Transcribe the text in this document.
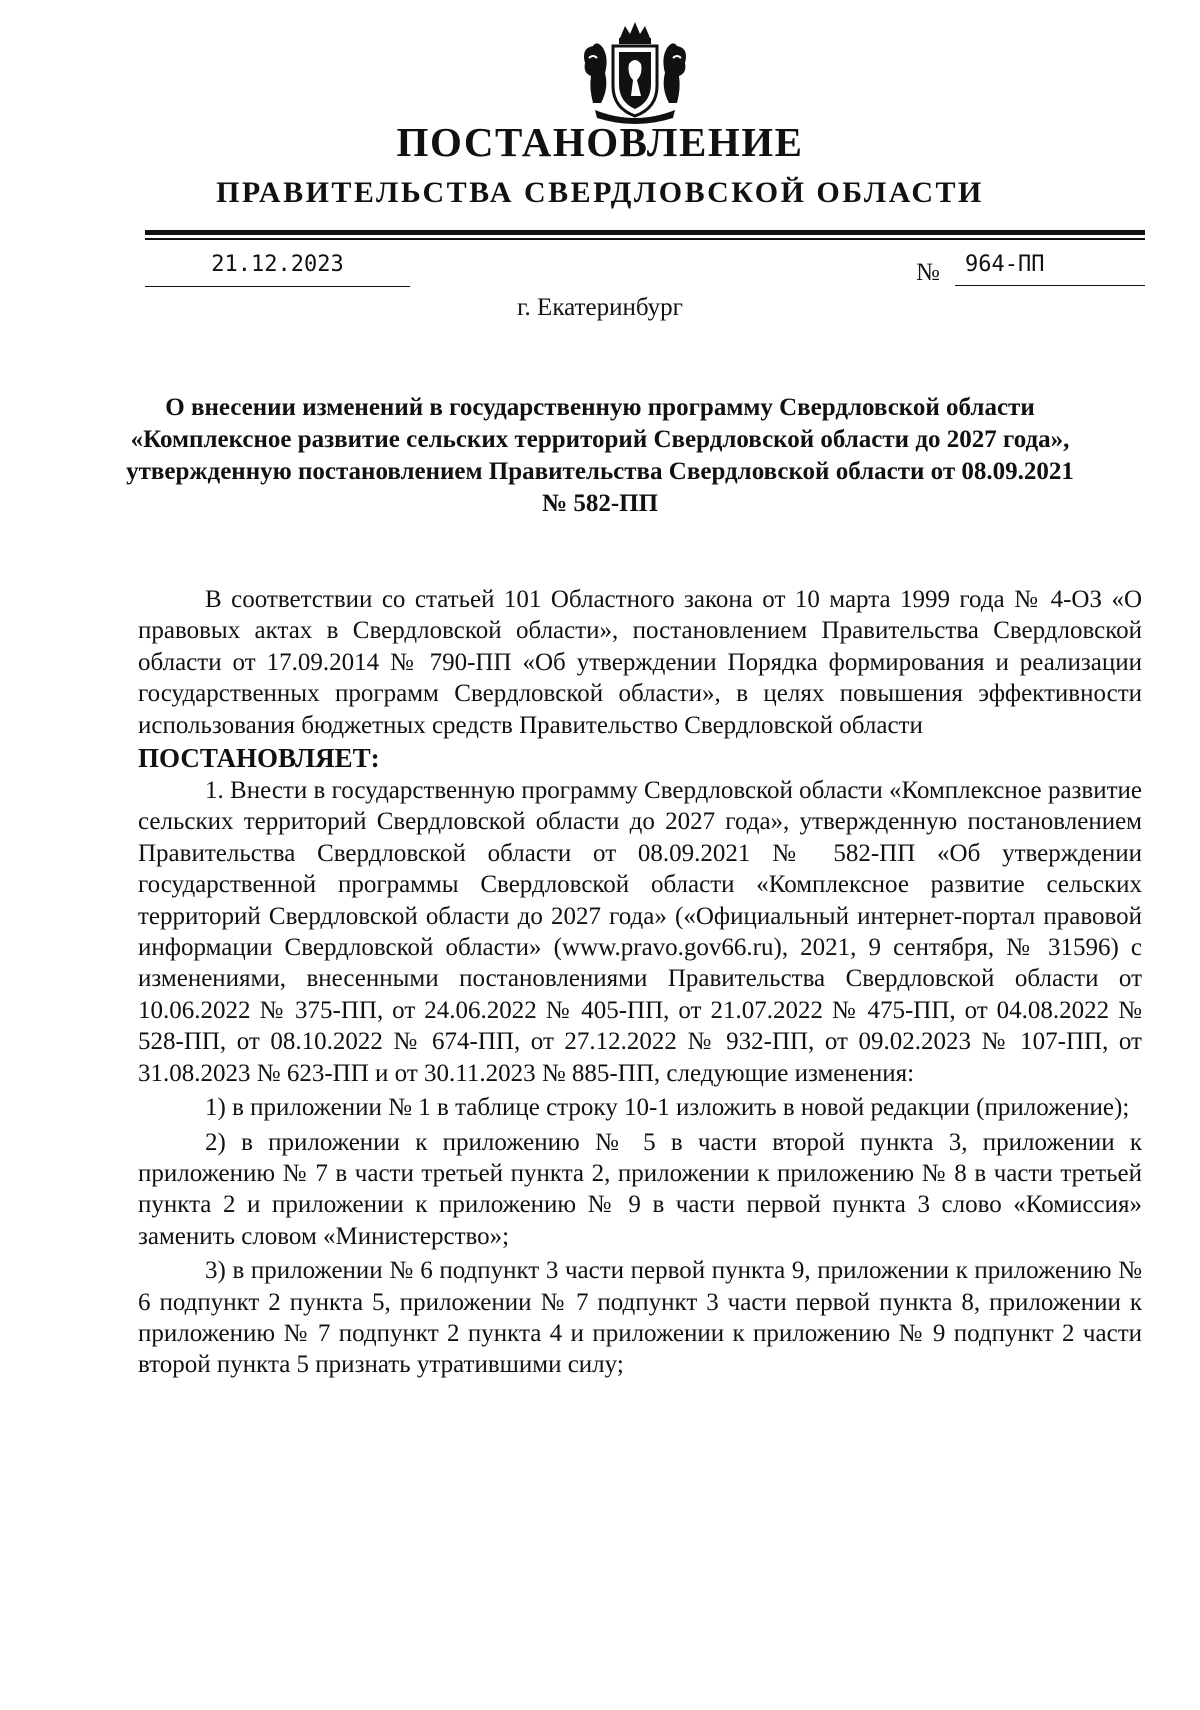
ПОСТАНОВЛЕНИЕ
ПРАВИТЕЛЬСТВА СВЕРДЛОВСКОЙ ОБЛАСТИ
21.12.2023	№	964-ПП
г. Екатеринбург
О внесении изменений в государственную программу Свердловской области «Комплексное развитие сельских территорий Свердловской области до 2027 года», утвержденную постановлением Правительства Свердловской области от 08.09.2021 № 582-ПП

В соответствии со статьей 101 Областного закона от 10 марта 1999 года № 4-ОЗ «О правовых актах в Свердловской области», постановлением Правительства Свердловской области от 17.09.2014 № 790-ПП «Об утверждении Порядка формирования и реализации государственных программ Свердловской области», в целях повышения эффективности использования бюджетных средств Правительство Свердловской области

ПОСТАНОВЛЯЕТ:

1. Внести в государственную программу Свердловской области «Комплексное развитие сельских территорий Свердловской области до 2027 года», утвержденную постановлением Правительства Свердловской области от 08.09.2021 № 582-ПП «Об утверждении государственной программы Свердловской области «Комплексное развитие сельских территорий Свердловской области до 2027 года» («Официальный интернет-портал правовой информации Свердловской области» (www.pravo.gov66.ru), 2021, 9 сентября, № 31596) с изменениями, внесенными постановлениями Правительства Свердловской области от 10.06.2022 № 375-ПП, от 24.06.2022 № 405-ПП, от 21.07.2022 № 475-ПП, от 04.08.2022 № 528-ПП, от 08.10.2022 № 674-ПП, от 27.12.2022 № 932-ПП, от 09.02.2023 № 107-ПП, от 31.08.2023 № 623-ПП и от 30.11.2023 № 885-ПП, следующие изменения:

1) в приложении № 1 в таблице строку 10-1 изложить в новой редакции (приложение);

2) в приложении к приложению № 5 в части второй пункта 3, приложении к приложению № 7 в части третьей пункта 2, приложении к приложению № 8 в части третьей пункта 2 и приложении к приложению № 9 в части первой пункта 3 слово «Комиссия» заменить словом «Министерство»;

3) в приложении № 6 подпункт 3 части первой пункта 9, приложении к приложению № 6 подпункт 2 пункта 5, приложении № 7 подпункт 3 части первой пункта 8, приложении к приложению № 7 подпункт 2 пункта 4 и приложении к приложению № 9 подпункт 2 части второй пункта 5 признать утратившими силу;
